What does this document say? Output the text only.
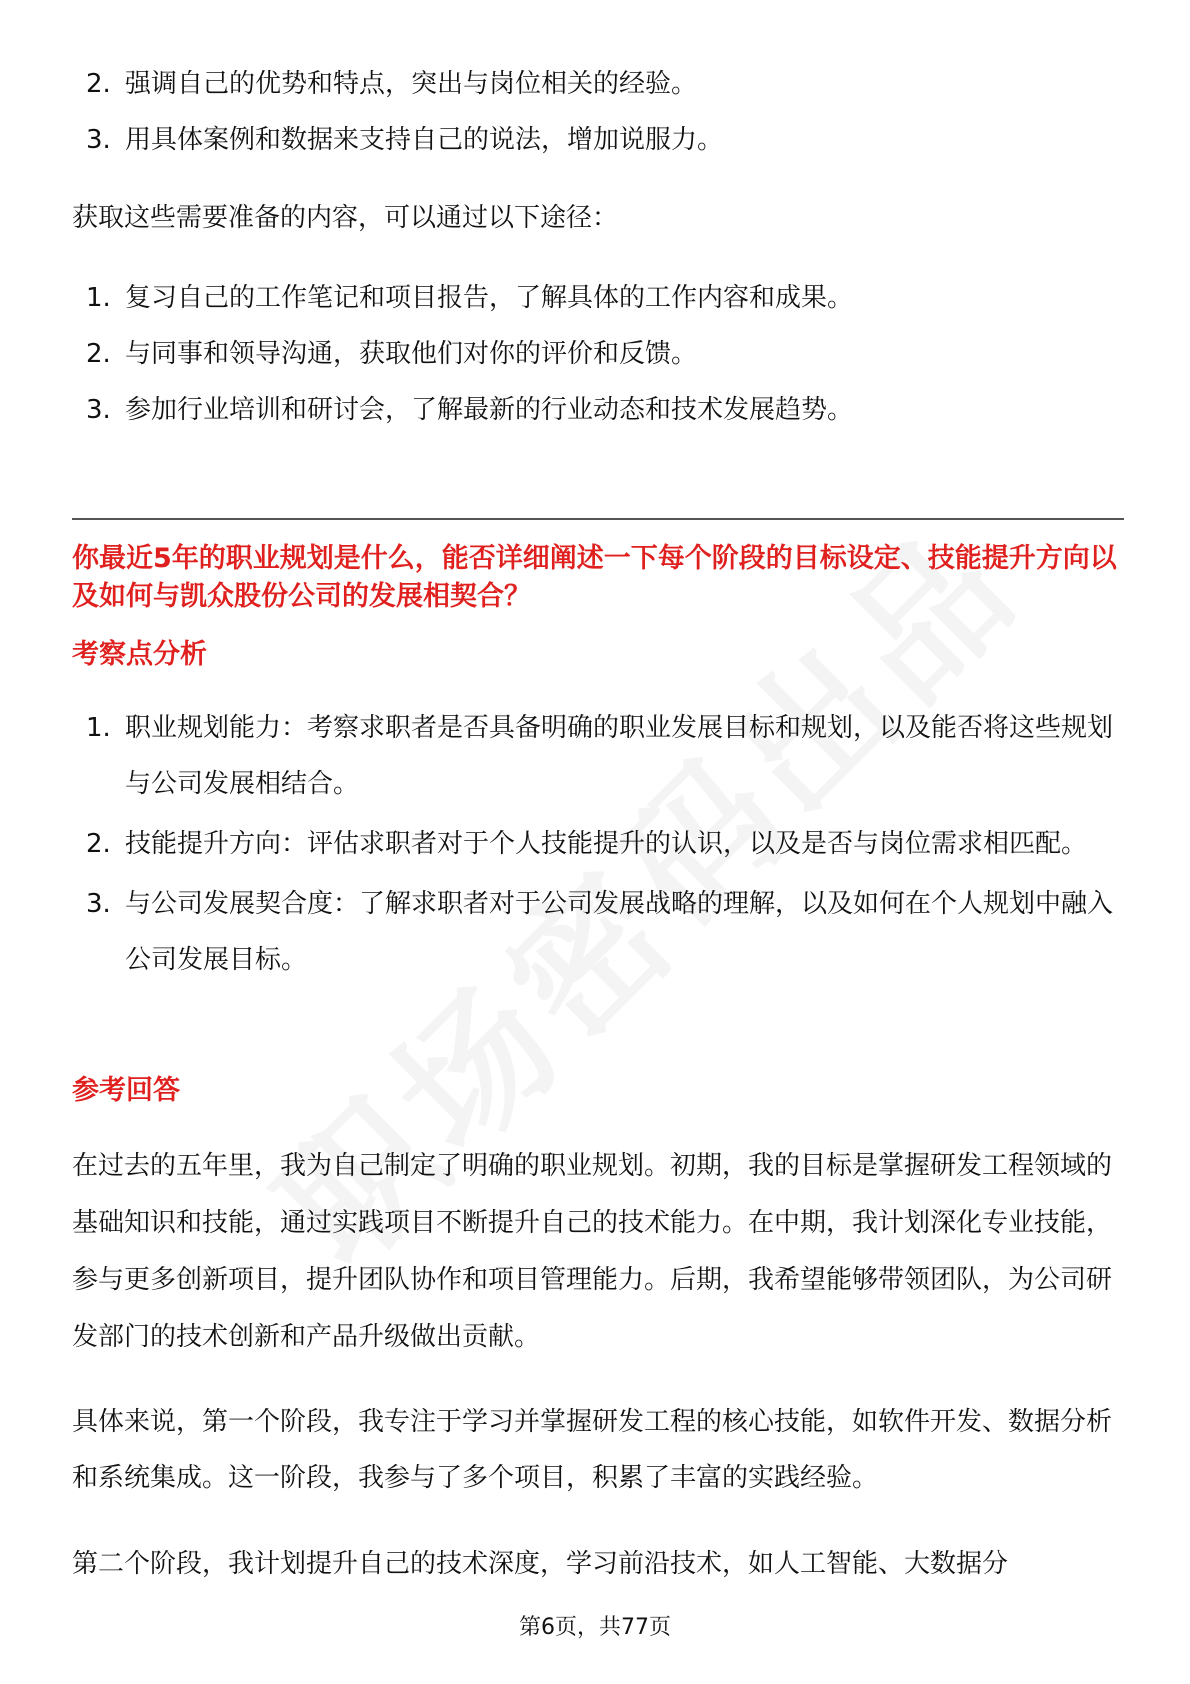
2. 强调自己的优势和特点，突出与岗位相关的经验。
3. 用具体案例和数据来支持自己的说法，增加说服力。

获取这些需要准备的内容，可以通过以下途径：

1. 复习自己的工作笔记和项目报告，了解具体的工作内容和成果。
2. 与同事和领导沟通，获取他们对你的评价和反馈。
3. 参加行业培训和研讨会，了解最新的行业动态和技术发展趋势。

你最近5年的职业规划是什么，能否详细阐述一下每个阶段的目标设定、技能提升方向以及如何与凯众股份公司的发展相契合？

考察点分析

1. 职业规划能力：考察求职者是否具备明确的职业发展目标和规划，以及能否将这些规划与公司发展相结合。
2. 技能提升方向：评估求职者对于个人技能提升的认识，以及是否与岗位需求相匹配。
3. 与公司发展契合度：了解求职者对于公司发展战略的理解，以及如何在个人规划中融入公司发展目标。

参考回答

在过去的五年里，我为自己制定了明确的职业规划。初期，我的目标是掌握研发工程领域的基础知识和技能，通过实践项目不断提升自己的技术能力。在中期，我计划深化专业技能，参与更多创新项目，提升团队协作和项目管理能力。后期，我希望能够带领团队，为公司研发部门的技术创新和产品升级做出贡献。

具体来说，第一个阶段，我专注于学习并掌握研发工程的核心技能，如软件开发、数据分析和系统集成。这一阶段，我参与了多个项目，积累了丰富的实践经验。

第二个阶段，我计划提升自己的技术深度，学习前沿技术，如人工智能、大数据分

第6页，共77页
